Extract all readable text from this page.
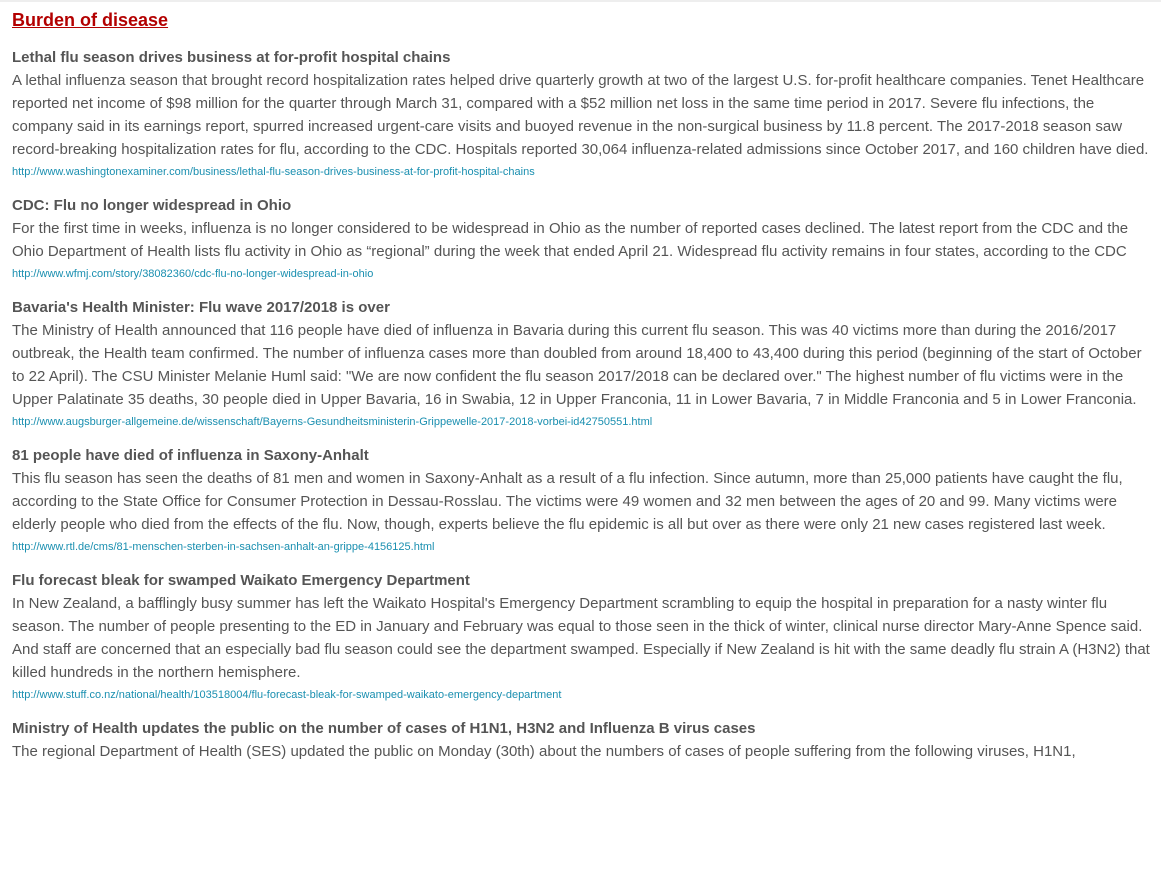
Burden of disease
Lethal flu season drives business at for-profit hospital chains
A lethal influenza season that brought record hospitalization rates helped drive quarterly growth at two of the largest U.S. for-profit healthcare companies. Tenet Healthcare reported net income of $98 million for the quarter through March 31, compared with a $52 million net loss in the same time period in 2017. Severe flu infections, the company said in its earnings report, spurred increased urgent-care visits and buoyed revenue in the non-surgical business by 11.8 percent. The 2017-2018 season saw record-breaking hospitalization rates for flu, according to the CDC. Hospitals reported 30,064 influenza-related admissions since October 2017, and 160 children have died.
http://www.washingtonexaminer.com/business/lethal-flu-season-drives-business-at-for-profit-hospital-chains
CDC: Flu no longer widespread in Ohio
For the first time in weeks, influenza is no longer considered to be widespread in Ohio as the number of reported cases declined. The latest report from the CDC and the Ohio Department of Health lists flu activity in Ohio as “regional” during the week that ended April 21. Widespread flu activity remains in four states, according to the CDC
http://www.wfmj.com/story/38082360/cdc-flu-no-longer-widespread-in-ohio
Bavaria's Health Minister: Flu wave 2017/2018 is over
The Ministry of Health announced that 116 people have died of influenza in Bavaria during this current flu season. This was 40 victims more than during the 2016/2017 outbreak, the Health team confirmed. The number of influenza cases more than doubled from around 18,400 to 43,400 during this period (beginning of the start of October to 22 April). The CSU Minister Melanie Huml said: "We are now confident the flu season 2017/2018 can be declared over." The highest number of flu victims were in the Upper Palatinate 35 deaths, 30 people died in Upper Bavaria, 16 in Swabia, 12 in Upper Franconia, 11 in Lower Bavaria, 7 in Middle Franconia and 5 in Lower Franconia.
http://www.augsburger-allgemeine.de/wissenschaft/Bayerns-Gesundheitsministerin-Grippewelle-2017-2018-vorbei-id42750551.html
81 people have died of influenza in Saxony-Anhalt
This flu season has seen the deaths of 81 men and women in Saxony-Anhalt as a result of a flu infection. Since autumn, more than 25,000 patients have caught the flu, according to the State Office for Consumer Protection in Dessau-Rosslau. The victims were 49 women and 32 men between the ages of 20 and 99. Many victims were elderly people who died from the effects of the flu. Now, though, experts believe the flu epidemic is all but over as there were only 21 new cases registered last week.
http://www.rtl.de/cms/81-menschen-sterben-in-sachsen-anhalt-an-grippe-4156125.html
Flu forecast bleak for swamped Waikato Emergency Department
In New Zealand, a bafflingly busy summer has left the Waikato Hospital's Emergency Department scrambling to equip the hospital in preparation for a nasty winter flu season. The number of people presenting to the ED in January and February was equal to those seen in the thick of winter, clinical nurse director Mary-Anne Spence said. And staff are concerned that an especially bad flu season could see the department swamped. Especially if New Zealand is hit with the same deadly flu strain A (H3N2) that killed hundreds in the northern hemisphere.
http://www.stuff.co.nz/national/health/103518004/flu-forecast-bleak-for-swamped-waikato-emergency-department
Ministry of Health updates the public on the number of cases of H1N1, H3N2 and Influenza B virus cases
The regional Department of Health (SES) updated the public on Monday (30th) about the numbers of cases of people suffering from the following viruses, H1N1,
